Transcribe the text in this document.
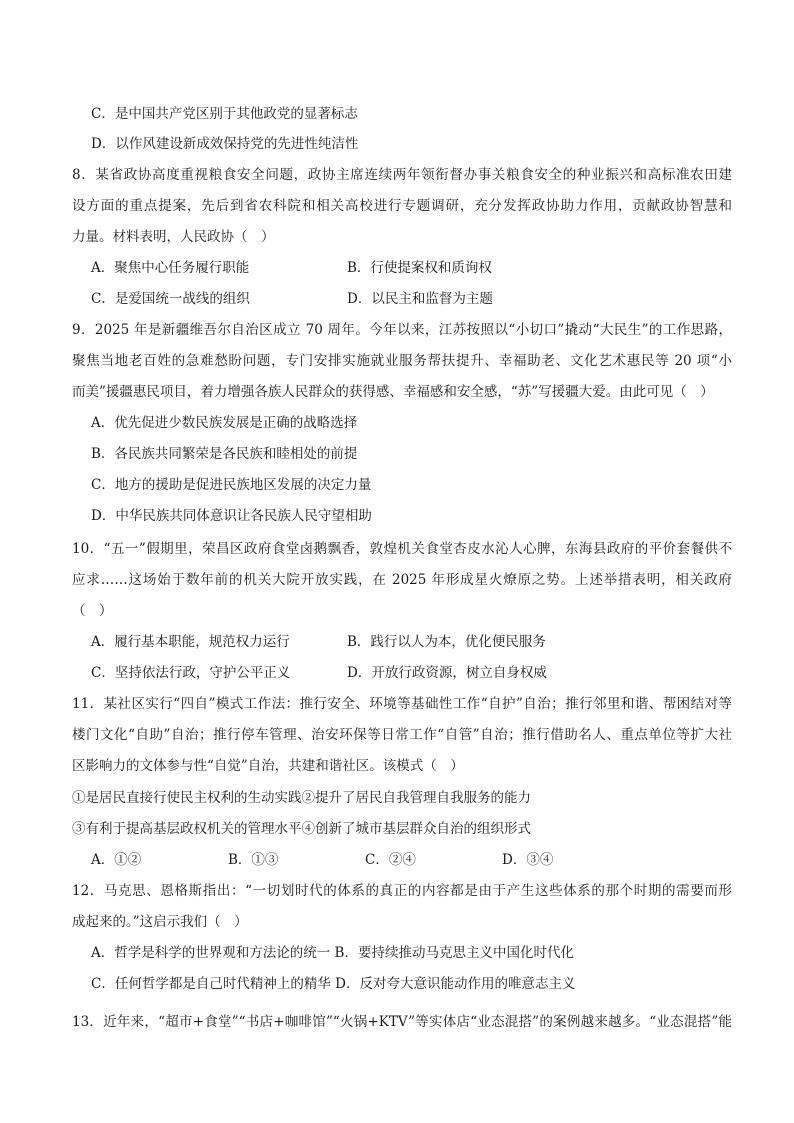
C．是中国共产党区别于其他政党的显著标志
D．以作风建设新成效保持党的先进性纯洁性
8．某省政协高度重视粮食安全问题，政协主席连续两年领衔督办事关粮食安全的种业振兴和高标准农田建
设方面的重点提案，先后到省农科院和相关高校进行专题调研，充分发挥政协助力作用，贡献政协智慧和
力量。材料表明，人民政协（　）
A．聚焦中心任务履行职能	B．行使提案权和质询权
C．是爱国统一战线的组织	D．以民主和监督为主题
9．2025 年是新疆维吾尔自治区成立 70 周年。今年以来，江苏按照以“小切口”撬动“大民生”的工作思路，
聚焦当地老百姓的急难愁盼问题，专门安排实施就业服务帮扶提升、幸福助老、文化艺术惠民等 20 项“小
而美”援疆惠民项目，着力增强各族人民群众的获得感、幸福感和安全感，“苏”写援疆大爱。由此可见（　）
A．优先促进少数民族发展是正确的战略选择
B．各民族共同繁荣是各民族和睦相处的前提
C．地方的援助是促进民族地区发展的决定力量
D．中华民族共同体意识让各民族人民守望相助
10．“五一”假期里，荣昌区政府食堂卤鹅飘香，敦煌机关食堂杏皮水沁人心脾，东海县政府的平价套餐供不
应求……这场始于数年前的机关大院开放实践，在 2025 年形成星火燎原之势。上述举措表明，相关政府
（　）
A．履行基本职能，规范权力运行	B．践行以人为本，优化便民服务
C．坚持依法行政，守护公平正义	D．开放行政资源，树立自身权威
11．某社区实行“四自”模式工作法：推行安全、环境等基础性工作“自护”自治；推行邻里和谐、帮困结对等
楼门文化“自助”自治；推行停车管理、治安环保等日常工作“自管”自治；推行借助名人、重点单位等扩大社
区影响力的文体参与性“自觉”自治，共建和谐社区。该模式（　）
①是居民直接行使民主权利的生动实践②提升了居民自我管理自我服务的能力
③有利于提高基层政权机关的管理水平④创新了城市基层群众自治的组织形式
A．①②	B．①③	C．②④	D．③④
12．马克思、恩格斯指出：“一切划时代的体系的真正的内容都是由于产生这些体系的那个时期的需要而形
成起来的。”这启示我们（　）
A．哲学是科学的世界观和方法论的统一 B．要持续推动马克思主义中国化时代化
C．任何哲学都是自己时代精神上的精华 D．反对夸大意识能动作用的唯意志主义
13．近年来，“超市+食堂”“书店+咖啡馆”“火锅+KTV”等实体店“业态混搭”的案例越来越多。“业态混搭”能
